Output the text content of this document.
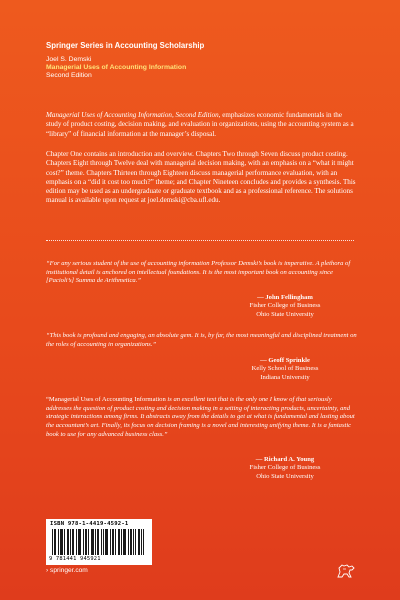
Springer Series in Accounting Scholarship
Joel S. Demski
Managerial Uses of Accounting Information
Second Edition

Managerial Uses of Accounting Information, Second Edition, emphasizes economic fundamentals in the study of product costing, decision making, and evaluation in organizations, using the accounting system as a “library” of financial information at the manager’s disposal.

Chapter One contains an introduction and overview. Chapters Two through Seven discuss product costing. Chapters Eight through Twelve deal with managerial decision making, with an emphasis on a “what it might cost?” theme. Chapters Thirteen through Eighteen discuss managerial performance evaluation, with an emphasis on a “did it cost too much?” theme; and Chapter Nineteen concludes and provides a synthesis. This edition may be used as an undergraduate or graduate textbook and as a professional reference. The solutions manual is available upon request at joel.demski@cba.ufl.edu.

“For any serious student of the use of accounting information Professor Demski’s book is imperative. A plethora of institutional detail is anchored on intellectual foundations. It is the most important book on accounting since [Pacioli’s] Summa de Arithmetica.”

— John Fellingham
Fisher College of Business
Ohio State University

“This book is profound and engaging, an absolute gem. It is, by far, the most meaningful and disciplined treatment on the roles of accounting in organizations.”

— Geoff Sprinkle
Kelly School of Business
Indiana University

“Managerial Uses of Accounting Information is an excellent text that is the only one I know of that seriously addresses the question of product costing and decision making in a setting of interacting products, uncertainty, and strategic interactions among firms. It abstracts away from the details to get at what is fundamental and lasting about the accountant’s art. Finally, its focus on decision framing is a novel and interesting unifying theme. It is a fantastic book to use for any advanced business class.”

— Richard A. Young
Fisher College of Business
Ohio State University
ISBN 978-1-4419-4592-1
9 781441 945921
› springer.com
